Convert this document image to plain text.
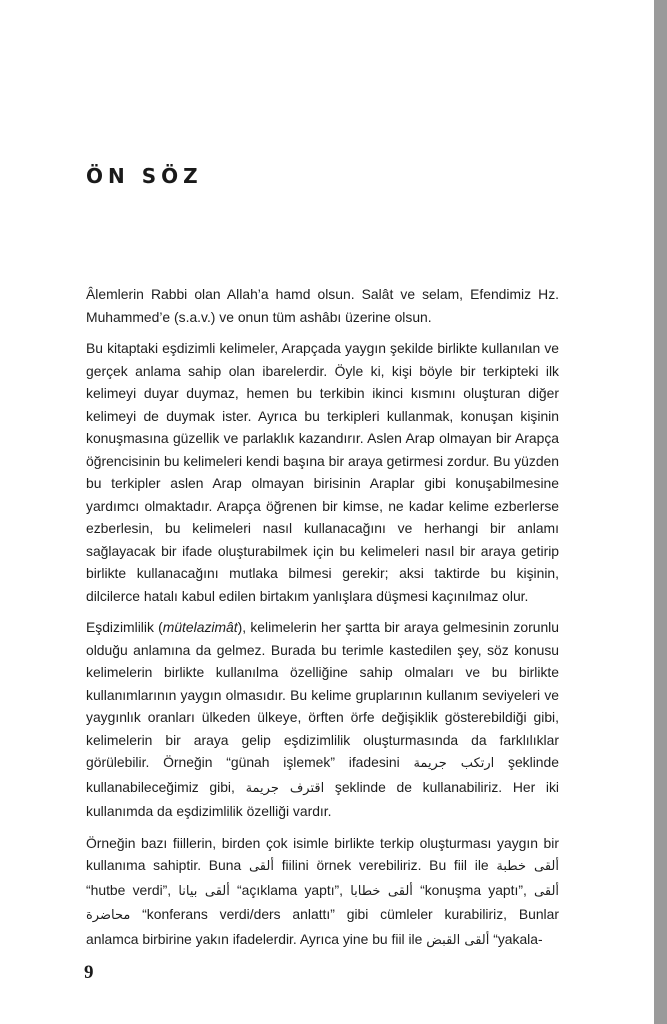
ÖN SÖZ

Âlemlerin Rabbi olan Allah’a hamd olsun. Salât ve selam, Efendimiz Hz. Muhammed’e (s.a.v.) ve onun tüm ashâbı üzerine olsun.

Bu kitaptaki eşdizimli kelimeler, Arapçada yaygın şekilde birlikte kullanılan ve gerçek anlama sahip olan ibarelerdir. Öyle ki, kişi böyle bir terkipteki ilk kelimeyi duyar duymaz, hemen bu terkibin ikinci kısmını oluşturan diğer kelimeyi de duymak ister. Ayrıca bu terkipleri kullanmak, konuşan kişinin konuşmasına güzellik ve parlaklık kazandırır. Aslen Arap olmayan bir Arapça öğrencisinin bu kelimeleri kendi başına bir araya getirmesi zordur. Bu yüzden bu terkipler aslen Arap olmayan birisinin Araplar gibi konuşabilmesine yardımcı olmaktadır. Arapça öğrenen bir kimse, ne kadar kelime ezberlerse ezberlesin, bu kelimeleri nasıl kullanacağını ve herhangi bir anlamı sağlayacak bir ifade oluşturabilmek için bu kelimeleri nasıl bir araya getirip birlikte kullanacağını mutlaka bilmesi gerekir; aksi taktirde bu kişinin, dilcilerce hatalı kabul edilen birtakım yanlışlara düşmesi kaçınılmaz olur.

Eşdizimlilik (mütelazimât), kelimelerin her şartta bir araya gelmesinin zorunlu olduğu anlamına da gelmez. Burada bu terimle kastedilen şey, söz konusu kelimelerin birlikte kullanılma özelliğine sahip olmaları ve bu birlikte kullanımlarının yaygın olmasıdır. Bu kelime gruplarının kullanım seviyeleri ve yaygınlık oranları ülkeden ülkeye, örften örfe değişiklik gösterebildiği gibi, kelimelerin bir araya gelip eşdizimlilik oluşturmasında da farklılıklar görülebilir. Örneğin “günah işlemek” ifadesini ارتكب جريمة şeklinde kullanabileceğimiz gibi, اقترف جريمة şeklinde de kullanabiliriz. Her iki kullanımda da eşdizimlilik özelliği vardır.

Örneğin bazı fiillerin, birden çok isimle birlikte terkip oluşturması yaygın bir kullanıma sahiptir. Buna ألقى fiilini örnek verebiliriz. Bu fiil ile ألقى خطبة “hutbe verdi”, ألقى بيانا “açıklama yaptı”, ألقى خطابا “konuşma yaptı”, ألقى محاضرة “konferans verdi/ders anlattı” gibi cümleler kurabiliriz, Bunlar anlamca birbirine yakın ifadelerdir. Ayrıca yine bu fiil ile ألقى القبض “yakala-

9
